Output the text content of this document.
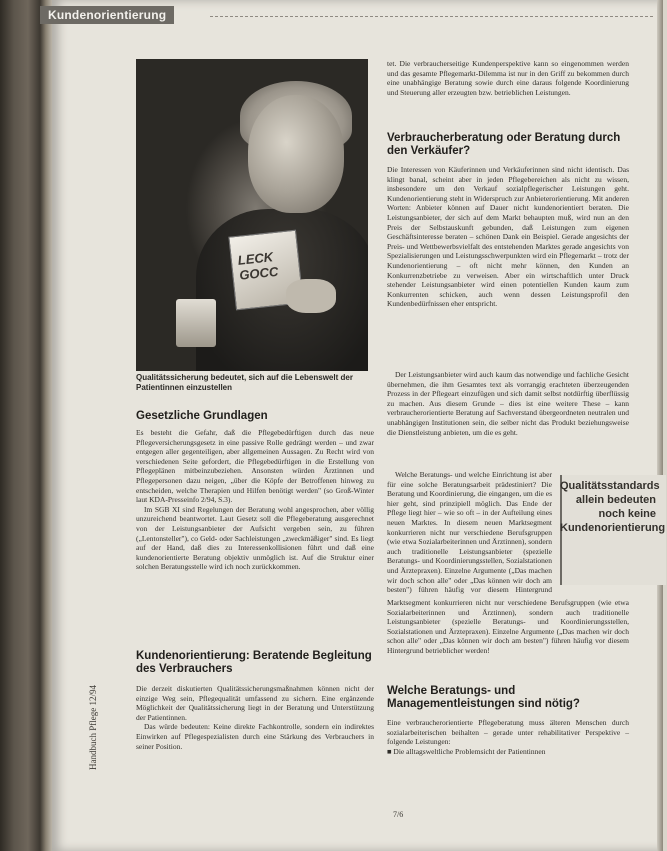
Kundenorientierung
Handbuch Pflege 12/94
LECK GOCC
Qualitätssicherung bedeutet, sich auf die Lebenswelt der Patientinnen einzustellen
Gesetzliche Grundlagen

Es besteht die Gefahr, daß die Pflegebedürftigen durch das neue Pflegeversicherungsgesetz in eine passive Rolle gedrängt werden – und zwar entgegen aller gegenteiligen, aber allgemeinen Aussagen. Zu Recht wird von verschiedenen Seite gefordert, die Pflegebedürftigen in die Erstellung von Pflegeplänen mitbeinzubeziehen. Ansonsten würden Ärztinnen und Pflegepersonen dazu neigen, „über die Köpfe der Betroffenen hinweg zu entscheiden, welche Therapien und Hilfen benötigt werden" (so Groß-Winter laut KDA-Presseinfo 2/94, S.3).

Im SGB XI sind Regelungen der Beratung wohl angesprochen, aber völlig unzureichend beantwortet. Laut Gesetz soll die Pflegeberatung ausgerechnet von der Leistungsanbieter der Aufsicht vergeben sein, zu führen („Lentonsteller"), co Geld- oder Sachleistungen „zweckmäßiger" sind. Es liegt auf der Hand, daß dies zu Interessenkollisionen führt und daß eine kundenorientierte Beratung objektiv unmöglich ist. Auf die Struktur einer solchen Beratungsstelle wird ich noch zurückkommen.

Kundenorientierung: Beratende Begleitung des Verbrauchers

Die derzeit diskutierten Qualitätssicherungsmaßnahmen können nicht der einzige Weg sein, Pflegequalität umfassend zu sichern. Eine ergänzende Möglichkeit der Qualitätssicherung liegt in der Beratung und Unterstützung der Patientinnen.

Das würde bedeuten: Keine direkte Fachkontrolle, sondern ein indirektes Einwirken auf Pflegespezialisten durch eine Stärkung des Verbrauchers in seiner Position.

tet. Die verbraucherseitige Kundenperspektive kann so eingenommen werden und das gesamte Pflegemarkt-Dilemma ist nur in den Griff zu bekommen durch eine unabhängige Beratung sowie durch eine daraus folgende Koordinierung und Steuerung aller erzeugten bzw. betrieblichen Leistungen.
Verbraucherberatung oder Beratung durch den Verkäufer?

Die Interessen von Käuferinnen und Verkäuferinnen sind nicht identisch. Das klingt banal, scheint aber in jeden Pflegebereichen als nicht zu wissen, insbesondere um den Verkauf sozialpflegerischer Leistungen geht. Kundenorientierung steht in Widerspruch zur Anbieterorientierung. Mit anderen Worten: Anbieter können auf Dauer nicht kundenorientiert beraten. Die Leistungsanbieter, der sich auf dem Markt behaupten muß, wird nun an den Preis der Selbstauskunft gebunden, daß Leistungen zum eigenen Geschäftsinteresse beraten – schönen Dank ein Beispiel. Gerade angesichts der Preis- und Wettbewerbsvielfalt des entstehenden Marktes gerade angesichts von Spezialisierungen und Leistungsschwerpunkten wird ein Pflegemarkt – trotz der Kundenorientierung – oft nicht mehr können, den Kunden an Konkurrenzbetriebe zu verweisen. Aber ein wirtschaftlich unter Druck stehender Leistungsanbieter wird einen potentiellen Kunden kaum zum Konkurrenten schicken, auch wenn dessen Leistungsprofil den Kundenbedürfnissen eher entspricht.

Der Leistungsanbieter wird auch kaum das notwendige und fachliche Gesicht übernehmen, die ihm Gesamtes text als vorrangig erachteten überzeugenden Prozess in der Pflegeart einzufügen und sich damit selbst notdürftig überflüssig zu machen. Aus diesem Grunde – dies ist eine weitere These – kann verbraucherorientierte Beratung auf Sachverstand übergeordneten neutralen und unabhängigen Institutionen sein, die selber nicht das Produkt beziehungsweise die Dienstleistung anbieten, um die es geht.

Welche Beratungs- und welche Einrichtung ist aber für eine solche Beratungsarbeit prädestiniert? Die Beratung und Koordinierung, die eingangen, um die es hier geht, sind prinzipiell möglich. Das Ende der Pflege liegt hier – wie so oft – in der Aufteilung eines neuen Marktes. In diesem neuen Marktsegment konkurrieren nicht nur verschiedene Berufsgruppen (wie etwa Sozialarbeiterinnen und Ärztinnen), sondern auch traditionelle Leistungsanbieter (spezielle Beratungs- und Koordinierungsstellen, Sozialstationen und Ärztepraxen). Einzelne Argumente („Das machen wir doch schon alle" oder „Das können wir doch am besten") führen häufig vor diesem Hintergrund

Qualitätsstandards allein bedeuten noch keine Kundenorientierung

Marktsegment konkurrieren nicht nur verschiedene Berufsgruppen (wie etwa Sozialarbeiterinnen und Ärztinnen), sondern auch traditionelle Leistungsanbieter (spezielle Beratungs- und Koordinierungsstellen, Sozialstationen und Ärztepraxen). Einzelne Argumente („Das machen wir doch schon alle" oder „Das können wir doch am besten") führen häufig vor diesem Hintergrund betrieblicher werden!

Welche Beratungs- und Managementleistungen sind nötig?

Eine verbraucherorientierte Pflegeberatung muss älteren Menschen durch sozialarbeiterischen beihalten – gerade unter rehabilitativer Perspektive – folgende Leistungen:

■ Die alltagsweltliche Problemsicht der Patientinnen

7/6
